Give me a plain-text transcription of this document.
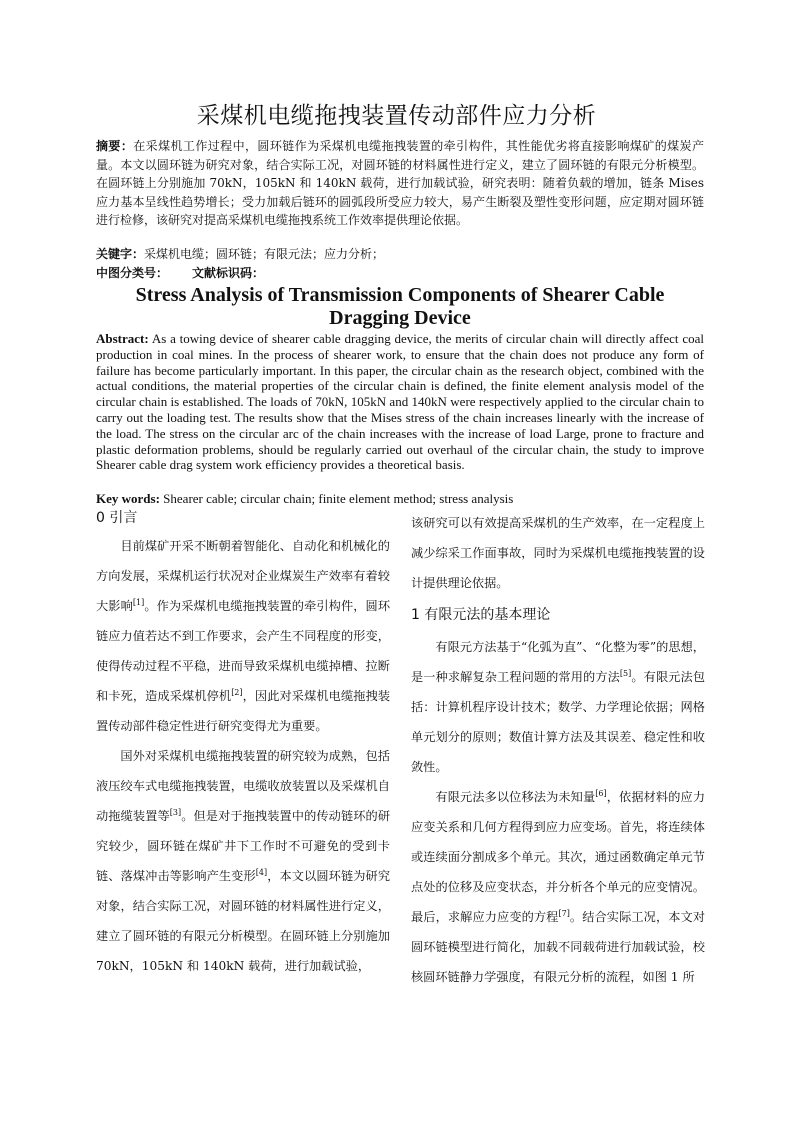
采煤机电缆拖拽装置传动部件应力分析
摘要：在采煤机工作过程中，圆环链作为采煤机电缆拖拽装置的牵引构件，其性能优劣将直接影响煤矿的煤炭产量。本文以圆环链为研究对象，结合实际工况，对圆环链的材料属性进行定义，建立了圆环链的有限元分析模型。在圆环链上分别施加 70kN，105kN 和 140kN 载荷，进行加载试验，研究表明：随着负载的增加，链条 Mises 应力基本呈线性趋势增长；受力加载后链环的圆弧段所受应力较大，易产生断裂及塑性变形问题，应定期对圆环链进行检修，该研究对提高采煤机电缆拖拽系统工作效率提供理论依据。
关键字：采煤机电缆；圆环链；有限元法；应力分析；
中图分类号： 文献标识码：
Stress Analysis of Transmission Components of Shearer Cable Dragging Device
Abstract: As a towing device of shearer cable dragging device, the merits of circular chain will directly affect coal production in coal mines. In the process of shearer work, to ensure that the chain does not produce any form of failure has become particularly important. In this paper, the circular chain as the research object, combined with the actual conditions, the material properties of the circular chain is defined, the finite element analysis model of the circular chain is established. The loads of 70kN, 105kN and 140kN were respectively applied to the circular chain to carry out the loading test. The results show that the Mises stress of the chain increases linearly with the increase of the load. The stress on the circular arc of the chain increases with the increase of load Large, prone to fracture and plastic deformation problems, should be regularly carried out overhaul of the circular chain, the study to improve Shearer cable drag system work efficiency provides a theoretical basis.
Key words: Shearer cable; circular chain; finite element method; stress analysis
0 引言

目前煤矿开采不断朝着智能化、自动化和机械化的方向发展，采煤机运行状况对企业煤炭生产效率有着较大影响[1]。作为采煤机电缆拖拽装置的牵引构件，圆环链应力值若达不到工作要求，会产生不同程度的形变，使得传动过程不平稳，进而导致采煤机电缆掉槽、拉断和卡死，造成采煤机停机[2]，因此对采煤机电缆拖拽装置传动部件稳定性进行研究变得尤为重要。

国外对采煤机电缆拖拽装置的研究较为成熟，包括液压绞车式电缆拖拽装置，电缆收放装置以及采煤机自动拖缆装置等[3]。但是对于拖拽装置中的传动链环的研究较少，圆环链在煤矿井下工作时不可避免的受到卡链、落煤冲击等影响产生变形[4]，本文以圆环链为研究对象，结合实际工况，对圆环链的材料属性进行定义，建立了圆环链的有限元分析模型。在圆环链上分别施加 70kN，105kN 和 140kN 载荷，进行加载试验，

该研究可以有效提高采煤机的生产效率，在一定程度上减少综采工作面事故，同时为采煤机电缆拖拽装置的设计提供理论依据。

1 有限元法的基本理论

有限元方法基于“化弧为直”、“化整为零”的思想，是一种求解复杂工程问题的常用的方法[5]。有限元法包括：计算机程序设计技术；数学、力学理论依据；网格单元划分的原则；数值计算方法及其误差、稳定性和收敛性。

有限元法多以位移法为未知量[6]，依据材料的应力应变关系和几何方程得到应力应变场。首先，将连续体或连续面分割成多个单元。其次，通过函数确定单元节点处的位移及应变状态，并分析各个单元的应变情况。最后，求解应力应变的方程[7]。结合实际工况，本文对圆环链模型进行简化，加载不同载荷进行加载试验，校核圆环链静力学强度，有限元分析的流程，如图 1 所
